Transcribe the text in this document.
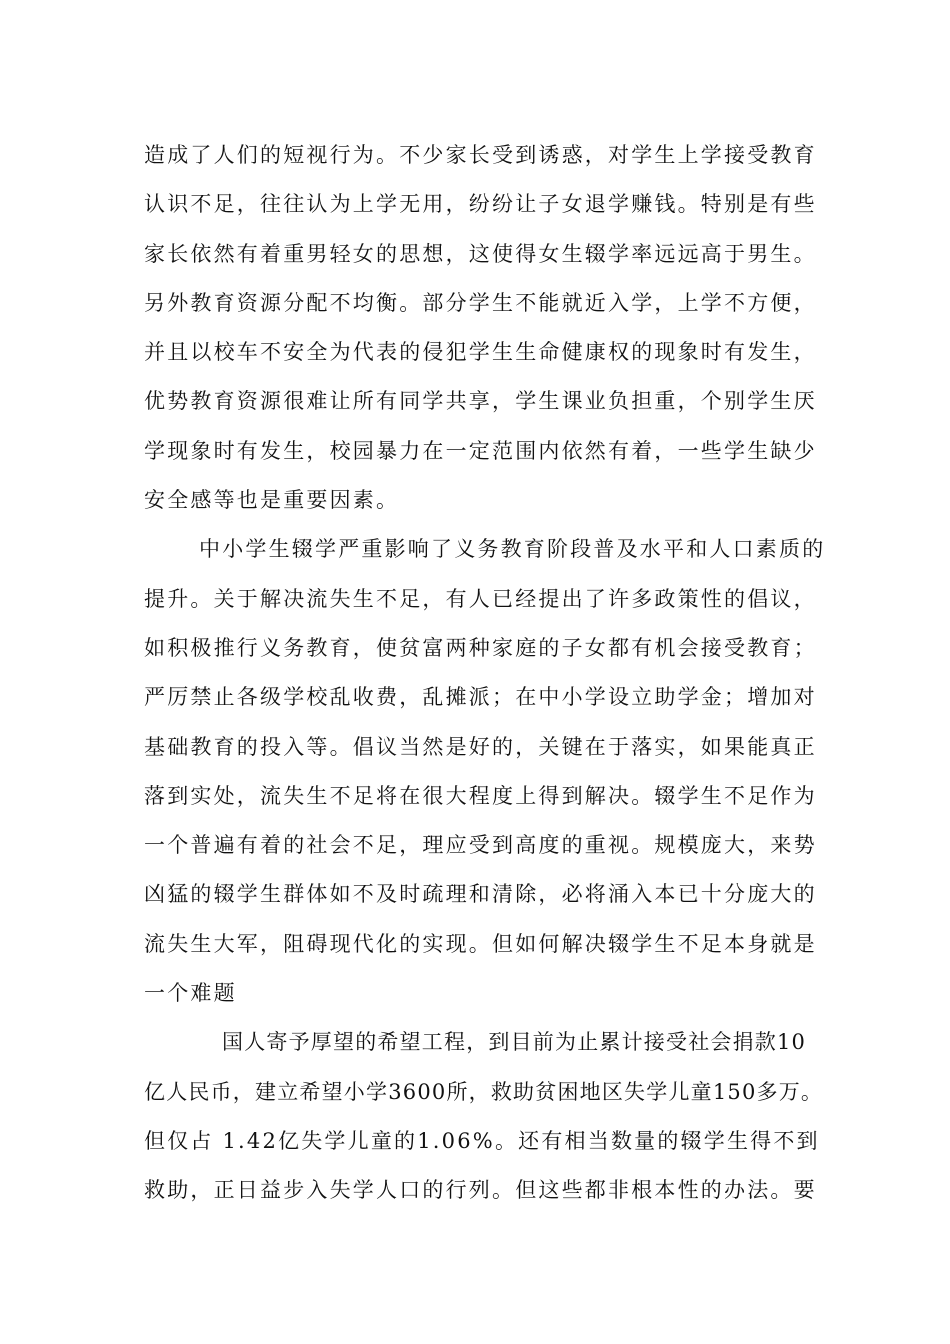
造成了人们的短视行为。不少家长受到诱惑，对学生上学接受教育
认识不足，往往认为上学无用，纷纷让子女退学赚钱。特别是有些
家长依然有着重男轻女的思想，这使得女生辍学率远远高于男生。
另外教育资源分配不均衡。部分学生不能就近入学，上学不方便，
并且以校车不安全为代表的侵犯学生生命健康权的现象时有发生，
优势教育资源很难让所有同学共享，学生课业负担重，个别学生厌
学现象时有发生，校园暴力在一定范围内依然有着，一些学生缺少
安全感等也是重要因素。
中小学生辍学严重影响了义务教育阶段普及水平和人口素质的
提升。关于解决流失生不足，有人已经提出了许多政策性的倡议，
如积极推行义务教育，使贫富两种家庭的子女都有机会接受教育；
严厉禁止各级学校乱收费，乱摊派；在中小学设立助学金；增加对
基础教育的投入等。倡议当然是好的，关键在于落实，如果能真正
落到实处，流失生不足将在很大程度上得到解决。辍学生不足作为
一个普遍有着的社会不足，理应受到高度的重视。规模庞大，来势
凶猛的辍学生群体如不及时疏理和清除，必将涌入本已十分庞大的
流失生大军，阻碍现代化的实现。但如何解决辍学生不足本身就是
一个难题
国人寄予厚望的希望工程，到目前为止累计接受社会捐款10
亿人民币，建立希望小学3600所，救助贫困地区失学儿童150多万。
但仅占 1.42亿失学儿童的1.06%。还有相当数量的辍学生得不到
救助，正日益步入失学人口的行列。但这些都非根本性的办法。要
